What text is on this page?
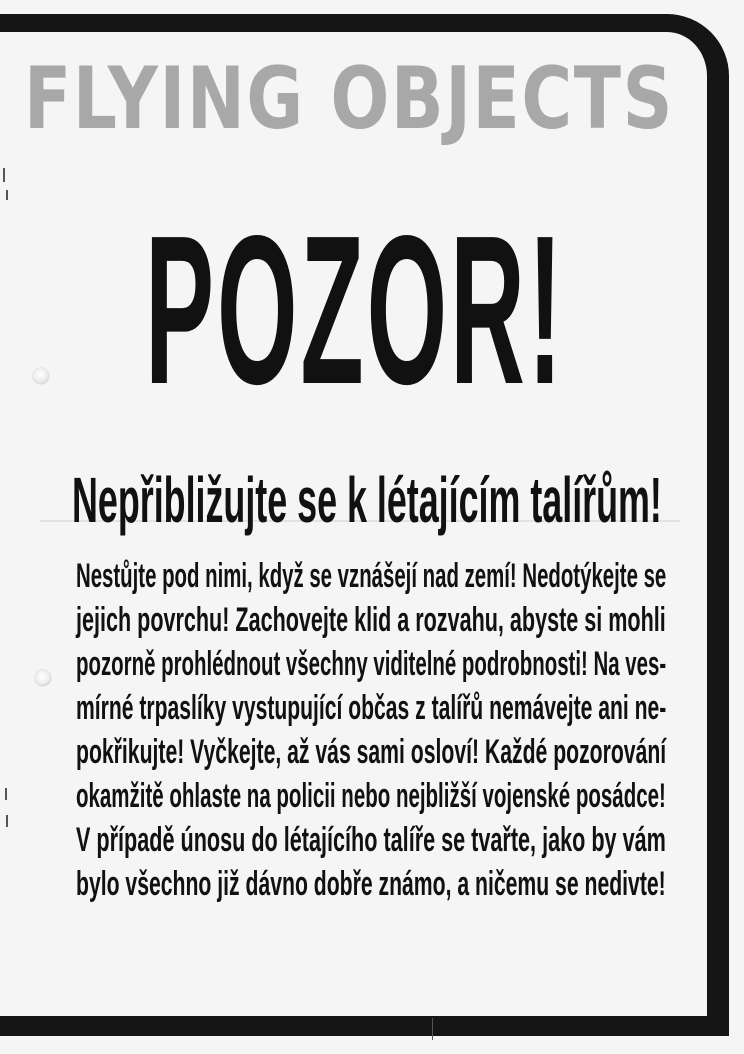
FLYING OBJECTS
POZOR!
Nepřibližujte se k létajícím talířům!
Nestůjte pod nimi, když se vznášejí nad zemí! Nedotýkejte se
jejich povrchu! Zachovejte klid a rozvahu, abyste si mohli
pozorně prohlédnout všechny viditelné podrobnosti! Na ves-
mírné trpaslíky vystupující občas z talířů nemávejte ani ne-
pokřikujte! Vyčkejte, až vás sami osloví! Každé pozorování
okamžitě ohlaste na policii nebo nejbližší vojenské posádce!
V případě únosu do létajícího talíře se tvařte, jako by vám
bylo všechno již dávno dobře známo, a ničemu se nedivte!
